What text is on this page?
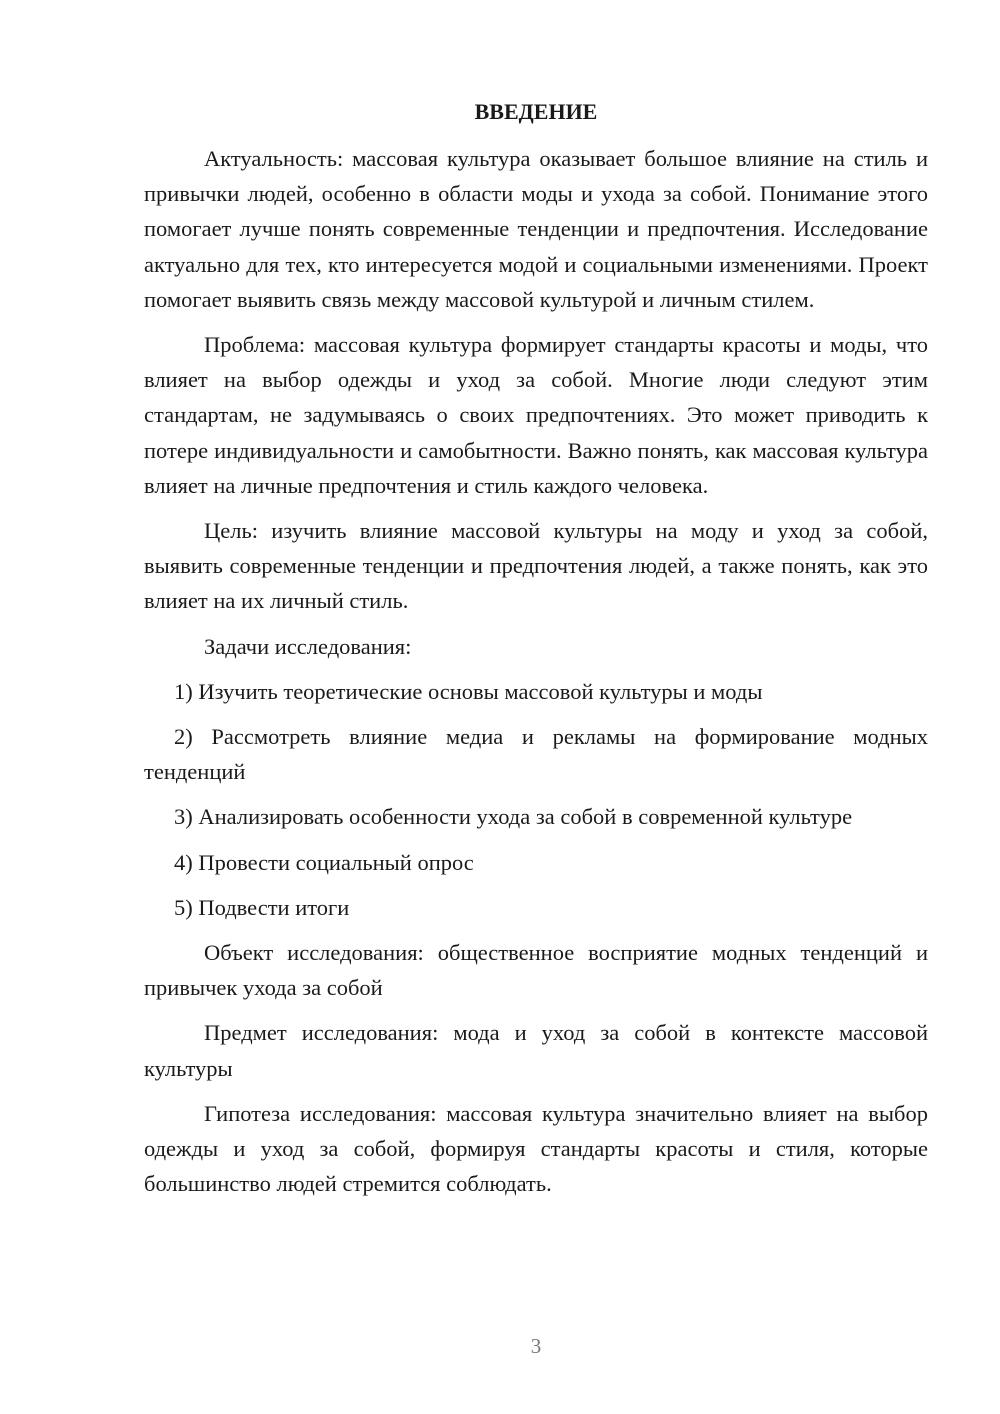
ВВЕДЕНИЕ

Актуальность: массовая культура оказывает большое влияние на стиль и привычки людей, особенно в области моды и ухода за собой. Понимание этого помогает лучше понять современные тенденции и предпочтения. Исследование актуально для тех, кто интересуется модой и социальными изменениями. Проект помогает выявить связь между массовой культурой и личным стилем.

Проблема: массовая культура формирует стандарты красоты и моды, что влияет на выбор одежды и уход за собой. Многие люди следуют этим стандартам, не задумываясь о своих предпочтениях. Это может приводить к потере индивидуальности и самобытности. Важно понять, как массовая культура влияет на личные предпочтения и стиль каждого человека.

Цель: изучить влияние массовой культуры на моду и уход за собой, выявить современные тенденции и предпочтения людей, а также понять, как это влияет на их личный стиль.

Задачи исследования:

1) Изучить теоретические основы массовой культуры и моды

2) Рассмотреть влияние медиа и рекламы на формирование модных тенденций

3) Анализировать особенности ухода за собой в современной культуре

4) Провести социальный опрос

5) Подвести итоги

Объект исследования: общественное восприятие модных тенденций и привычек ухода за собой

Предмет исследования: мода и уход за собой в контексте массовой культуры

Гипотеза исследования: массовая культура значительно влияет на выбор одежды и уход за собой, формируя стандарты красоты и стиля, которые большинство людей стремится соблюдать.

3
